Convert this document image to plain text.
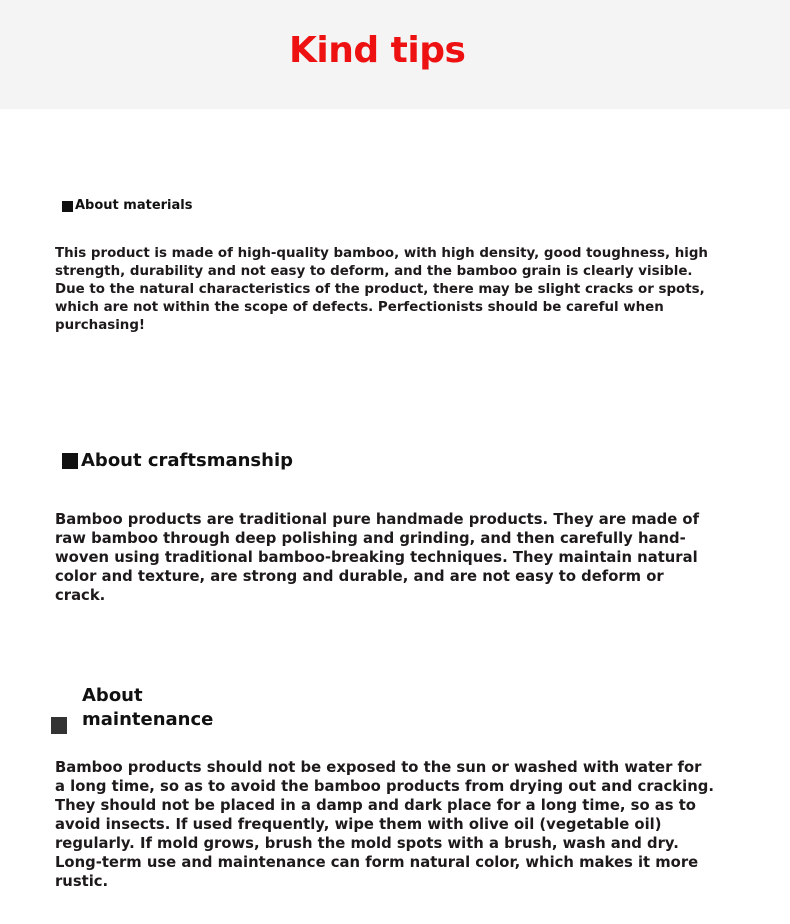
Kind tips
About materials

This product is made of high-quality bamboo, with high density, good toughness, high strength, durability and not easy to deform, and the bamboo grain is clearly visible. Due to the natural characteristics of the product, there may be slight cracks or spots, which are not within the scope of defects. Perfectionists should be careful when purchasing!

About craftsmanship

Bamboo products are traditional pure handmade products. They are made of raw bamboo through deep polishing and grinding, and then carefully hand-woven using traditional bamboo-breaking techniques. They maintain natural color and texture, are strong and durable, and are not easy to deform or crack.

About
maintenance

Bamboo products should not be exposed to the sun or washed with water for a long time, so as to avoid the bamboo products from drying out and cracking. They should not be placed in a damp and dark place for a long time, so as to avoid insects. If used frequently, wipe them with olive oil (vegetable oil) regularly. If mold grows, brush the mold spots with a brush, wash and dry. Long-term use and maintenance can form natural color, which makes it more rustic.
